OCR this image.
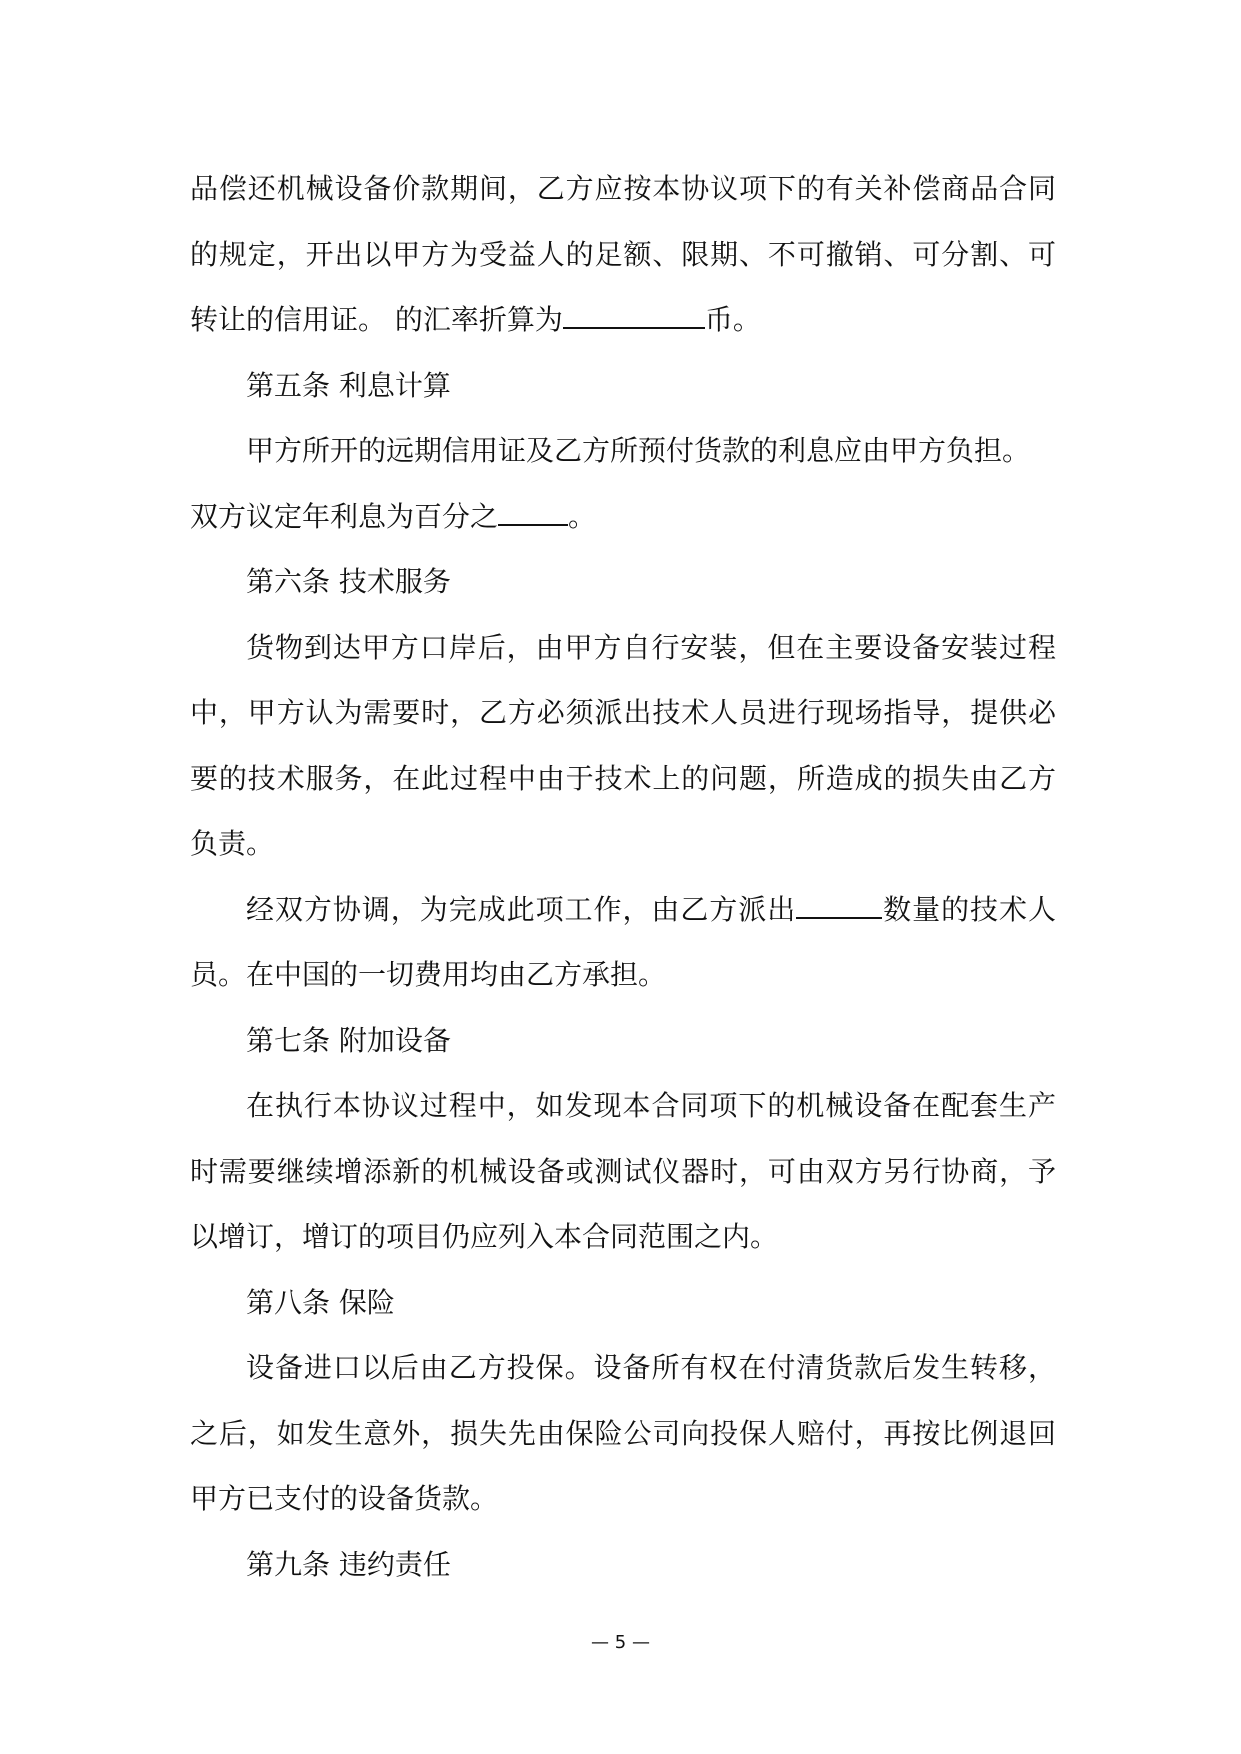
品偿还机械设备价款期间，乙方应按本协议项下的有关补偿商品合同的规定，开出以甲方为受益人的足额、限期、不可撤销、可分割、可转让的信用证。 的汇率折算为	币。

第五条 利息计算

甲方所开的远期信用证及乙方所预付货款的利息应由甲方负担。

双方议定年利息为百分之	。

第六条 技术服务

货物到达甲方口岸后，由甲方自行安装，但在主要设备安装过程中，甲方认为需要时，乙方必须派出技术人员进行现场指导，提供必要的技术服务，在此过程中由于技术上的问题，所造成的损失由乙方负责。

经双方协调，为完成此项工作，由乙方派出	数量的技术人员。在中国的一切费用均由乙方承担。

第七条 附加设备

在执行本协议过程中，如发现本合同项下的机械设备在配套生产时需要继续增添新的机械设备或测试仪器时，可由双方另行协商，予以增订，增订的项目仍应列入本合同范围之内。

第八条 保险

设备进口以后由乙方投保。设备所有权在付清货款后发生转移，之后，如发生意外，损失先由保险公司向投保人赔付，再按比例退回甲方已支付的设备货款。

第九条 违约责任

— 5 —
